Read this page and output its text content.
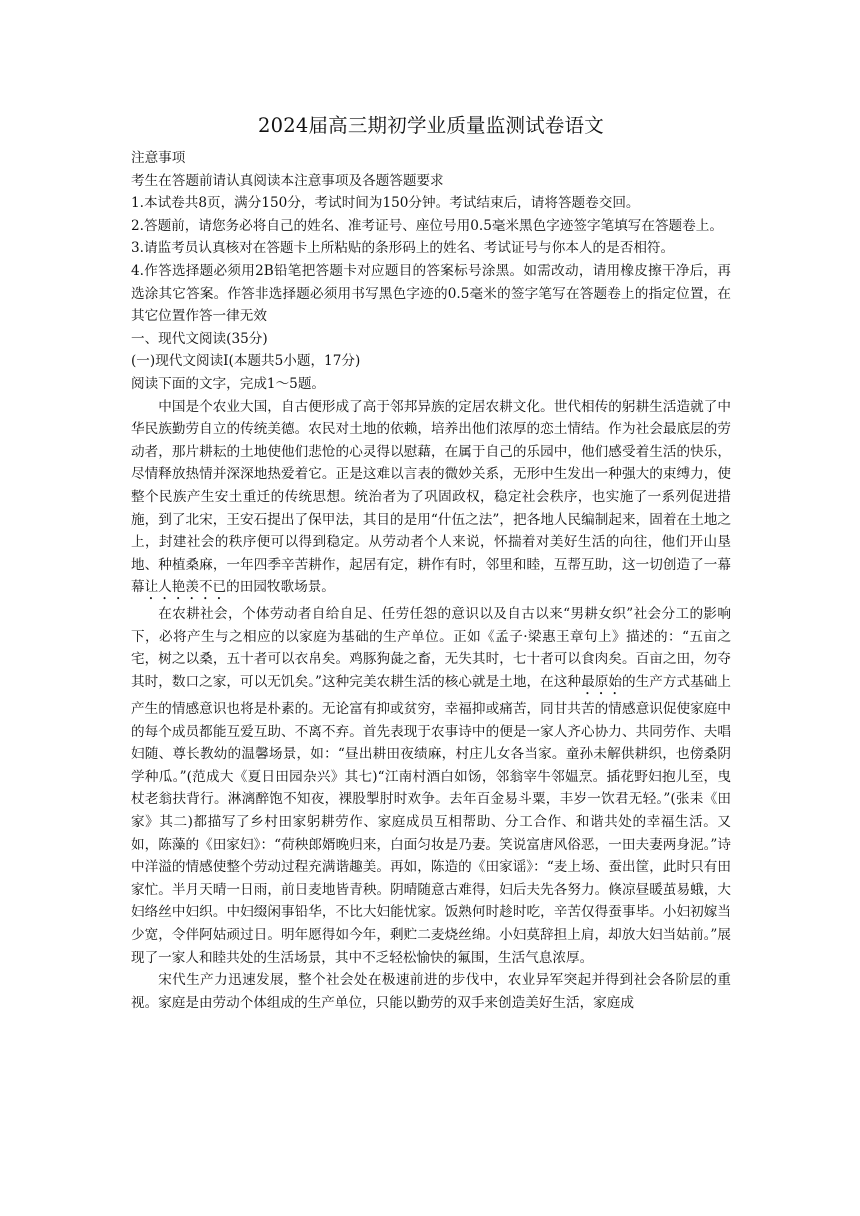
2024届高三期初学业质量监测试卷语文

注意事项

考生在答题前请认真阅读本注意事项及各题答题要求

1.本试卷共8页，满分150分，考试时间为150分钟。考试结束后，请将答题卷交回。

2.答题前，请您务必将自己的姓名、准考证号、座位号用0.5毫米黑色字迹签字笔填写在答题卷上。

3.请监考员认真核对在答题卡上所粘贴的条形码上的姓名、考试证号与你本人的是否相符。

4.作答选择题必须用2B铅笔把答题卡对应题目的答案标号涂黑。如需改动，请用橡皮擦干净后，再选涂其它答案。作答非选择题必须用书写黑色字迹的0.5毫米的签字笔写在答题卷上的指定位置，在其它位置作答一律无效

一、现代文阅读(35分)

(一)现代文阅读Ⅰ(本题共5小题，17分)

阅读下面的文字，完成1～5题。

中国是个农业大国，自古便形成了高于邻邦异族的定居农耕文化。世代相传的躬耕生活造就了中华民族勤劳自立的传统美德。农民对土地的依赖，培养出他们浓厚的恋土情结。作为社会最底层的劳动者，那片耕耘的土地使他们悲怆的心灵得以慰藉，在属于自己的乐园中，他们感受着生活的快乐，尽情释放热情并深深地热爱着它。正是这难以言表的微妙关系，无形中生发出一种强大的束缚力，使整个民族产生安土重迁的传统思想。统治者为了巩固政权，稳定社会秩序，也实施了一系列促进措施，到了北宋，王安石提出了保甲法，其目的是用“什伍之法”，把各地人民编制起来，固着在土地之上，封建社会的秩序便可以得到稳定。从劳动者个人来说，怀揣着对美好生活的向往，他们开山垦地、种植桑麻，一年四季辛苦耕作，起居有定，耕作有时，邻里和睦，互帮互助，这一切创造了一幕幕让人艳羡不已的田园牧歌场景。

在农耕社会，个体劳动者自给自足、任劳任怨的意识以及自古以来“男耕女织”社会分工的影响下，必将产生与之相应的以家庭为基础的生产单位。正如《孟子·梁惠王章句上》描述的：“五亩之宅，树之以桑，五十者可以衣帛矣。鸡豚狗彘之畜，无失其时，七十者可以食肉矣。百亩之田，勿夺其时，数口之家，可以无饥矣。”这种完美农耕生活的核心就是土地，在这种最原始的生产方式基础上产生的情感意识也将是朴素的。无论富有抑或贫穷，幸福抑或痛苦，同甘共苦的情感意识促使家庭中的每个成员都能互爱互助、不离不弃。首先表现于农事诗中的便是一家人齐心协力、共同劳作、夫唱妇随、尊长教幼的温馨场景，如：“昼出耕田夜绩麻，村庄儿女各当家。童孙未解供耕织，也傍桑阴学种瓜。”(范成大《夏日田园杂兴》其七)“江南村酒白如饧，邻翁宰牛邻媪烹。插花野妇抱儿至，曳杖老翁扶背行。淋漓醉饱不知夜，裸股掣肘时欢争。去年百金易斗粟，丰岁一饮君无轻。”(张耒《田家》其二)都描写了乡村田家躬耕劳作、家庭成员互相帮助、分工合作、和谐共处的幸福生活。又如，陈藻的《田家妇》：“荷秧郎婿晚归来，白面匀妆是乃妻。笑说富唐风俗恶，一田夫妻两身泥。”诗中洋溢的情感使整个劳动过程充满谐趣美。再如，陈造的《田家谣》：“麦上场、蚕出筐，此时只有田家忙。半月天晴一日雨，前日麦地皆青秧。阴晴随意古难得，妇后夫先各努力。倏凉昼暖茧易蛾，大妇络丝中妇织。中妇缀闲事铅华，不比大妇能忧家。饭熟何时趁时吃，辛苦仅得蚕事毕。小妇初嫁当少宽，令伴阿姑顽过日。明年愿得如今年，剩贮二麦烧丝绵。小妇莫辞担上肩，却放大妇当姑前。”展现了一家人和睦共处的生活场景，其中不乏轻松愉快的氟围，生活气息浓厚。

宋代生产力迅速发展，整个社会处在极速前进的步伐中，农业异军突起并得到社会各阶层的重视。家庭是由劳动个体组成的生产单位，只能以勤劳的双手来创造美好生活，家庭成
